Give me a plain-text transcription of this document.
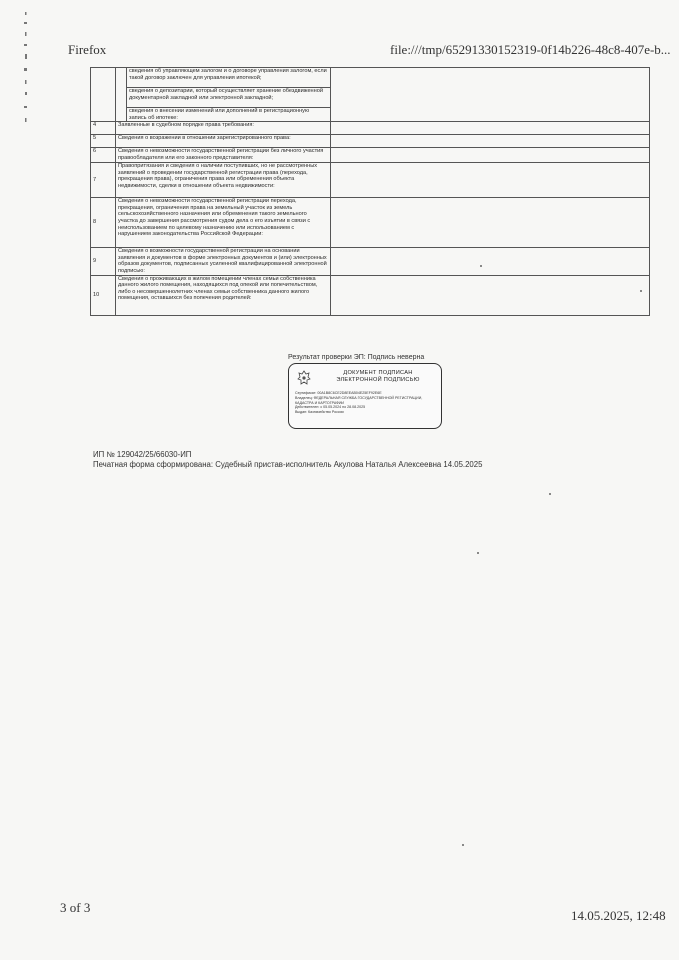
Firefox	file:///tmp/65291330152319-0f14b226-48c8-407e-b...
		сведения об управляющем залогом и о договоре управления залогом, если такой договор заключен для управления ипотекой;	
		сведения о депозитарии, который осуществляет хранение обездвиженной документарной закладной или электронной закладной;	
		сведения о внесении изменений или дополнений в регистрационную запись об ипотеке:	
4	Заявленные в судебном порядке права требования:		
5	Сведения о возражении в отношении зарегистрированного права:		
6	Сведения о невозможности государственной регистрации без личного участия правообладателя или его законного представителя:		
7	Правопритязания и сведения о наличии поступивших, но не рассмотренных заявлений о проведении государственной регистрации права (перехода, прекращения права), ограничения права или обременения объекта недвижимости, сделки в отношении объекта недвижимости:		
8	Сведения о невозможности государственной регистрации перехода, прекращения, ограничения права на земельный участок из земель сельскохозяйственного назначения или обременения такого земельного участка до завершения рассмотрения судом дела о его изъятии в связи с неиспользованием по целевому назначению или использованием с нарушением законодательства Российской Федерации:		
9	Сведения о возможности государственной регистрации на основании заявления и документов в форме электронных документов и (или) электронных образов документов, подписанных усиленной квалифицированной электронной подписью:		
10	Сведения о проживающих в жилом помещении членах семьи собственника данного жилого помещения, находящихся под опекой или попечительством, либо о несовершеннолетних членах семьи собственника данного жилого помещения, оставшихся без попечения родителей:		
Результат проверки ЭП: Подпись неверна
ДОКУМЕНТ ПОДПИСАН
ЭЛЕКТРОННОЙ ПОДПИСЬЮ
Сертификат: 00A1B8C6CE2D8EEAB04E25EF92E6E
Владелец: ФЕДЕРАЛЬНАЯ СЛУЖБА ГОСУДАРСТВЕННОЙ РЕГИСТРАЦИИ, КАДАСТРА И КАРТОГРАФИИ
Действителен: с 05.05.2024 по 28.08.2025
Выдан: Казначейство России
ИП № 129042/25/66030-ИП
Печатная форма сформирована: Судебный пристав-исполнитель Акулова Наталья Алексеевна 14.05.2025
3 of 3
14.05.2025, 12:48
